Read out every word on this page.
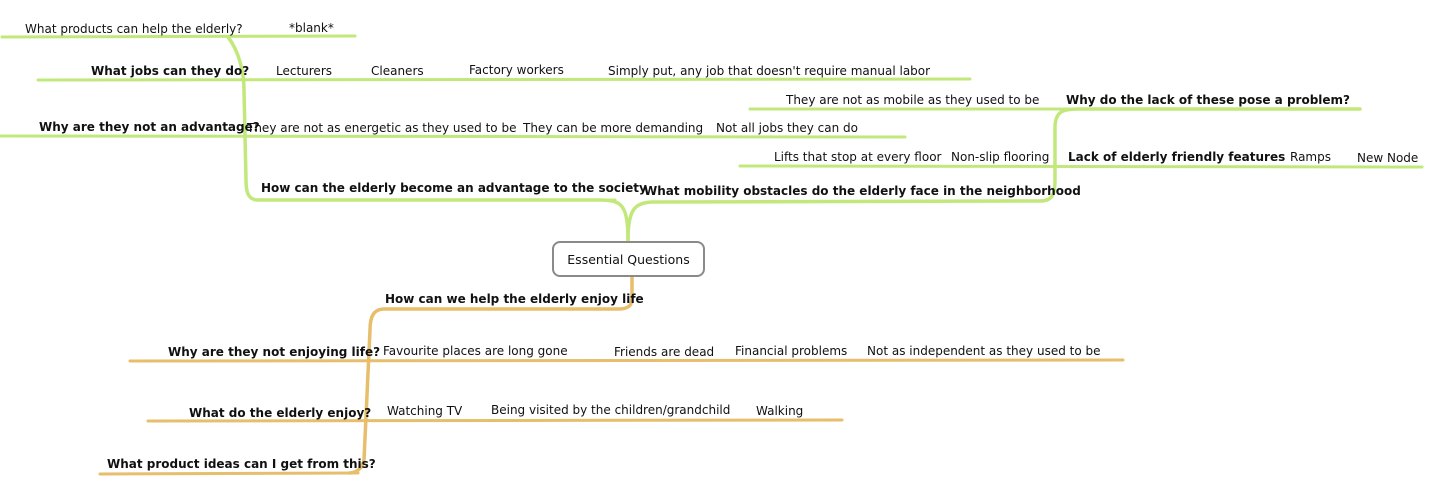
Essential Questions
What products can help the elderly?	*blank*
What jobs can they do? Lecturers	Cleaners	Factory workers	Simply put, any job that doesn't require manual labor
Why are they not an advantage?
They are not as energetic as they used to be They can be more demanding Not all jobs they can do
How can the elderly become an advantage to the society
What mobility obstacles do the elderly face in the neighborhood
They are not as mobile as they used to be Why do the lack of these pose a problem?
Lifts that stop at every floor Non-slip flooring Lack of elderly friendly features Ramps New Node
How can we help the elderly enjoy life
Why are they not enjoying life? Favourite places are long gone	Friends are dead Financial problems Not as independent as they used to be
What do the elderly enjoy? Watching TV Being visited by the children/grandchild Walking
What product ideas can I get from this?
